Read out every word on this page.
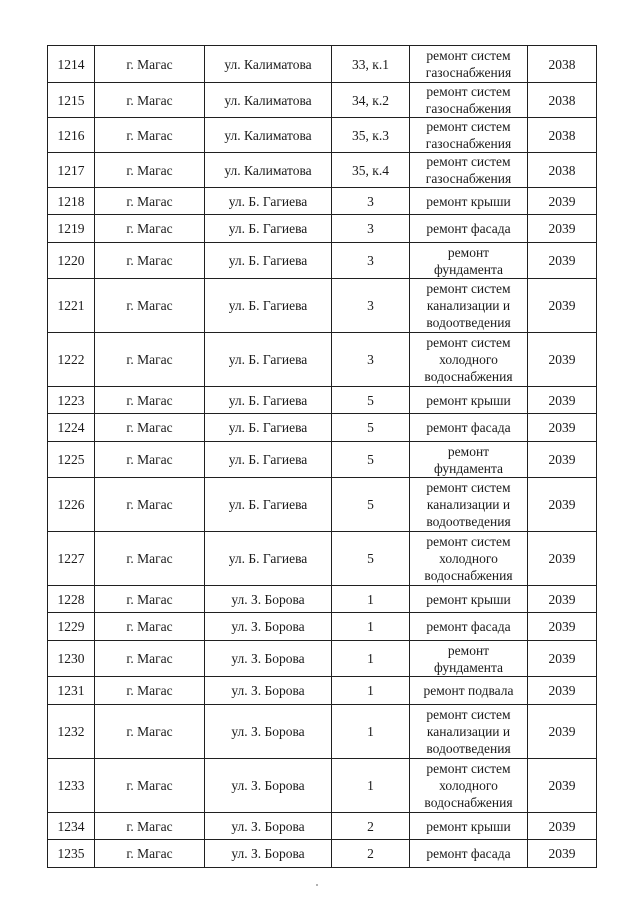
1214	г. Магас	ул. Калиматова	33, к.1	ремонт систем
газоснабжения	2038
1215	г. Магас	ул. Калиматова	34, к.2	ремонт систем
газоснабжения	2038
1216	г. Магас	ул. Калиматова	35, к.3	ремонт систем
газоснабжения	2038
1217	г. Магас	ул. Калиматова	35, к.4	ремонт систем
газоснабжения	2038
1218	г. Магас	ул. Б. Гагиева	3	ремонт крыши	2039
1219	г. Магас	ул. Б. Гагиева	3	ремонт фасада	2039
1220	г. Магас	ул. Б. Гагиева	3	ремонт
фундамента	2039
1221	г. Магас	ул. Б. Гагиева	3	ремонт систем
канализации и
водоотведения	2039
1222	г. Магас	ул. Б. Гагиева	3	ремонт систем
холодного
водоснабжения	2039
1223	г. Магас	ул. Б. Гагиева	5	ремонт крыши	2039
1224	г. Магас	ул. Б. Гагиева	5	ремонт фасада	2039
1225	г. Магас	ул. Б. Гагиева	5	ремонт
фундамента	2039
1226	г. Магас	ул. Б. Гагиева	5	ремонт систем
канализации и
водоотведения	2039
1227	г. Магас	ул. Б. Гагиева	5	ремонт систем
холодного
водоснабжения	2039
1228	г. Магас	ул. З. Борова	1	ремонт крыши	2039
1229	г. Магас	ул. З. Борова	1	ремонт фасада	2039
1230	г. Магас	ул. З. Борова	1	ремонт
фундамента	2039
1231	г. Магас	ул. З. Борова	1	ремонт подвала	2039
1232	г. Магас	ул. З. Борова	1	ремонт систем
канализации и
водоотведения	2039
1233	г. Магас	ул. З. Борова	1	ремонт систем
холодного
водоснабжения	2039
1234	г. Магас	ул. З. Борова	2	ремонт крыши	2039
1235	г. Магас	ул. З. Борова	2	ремонт фасада	2039
